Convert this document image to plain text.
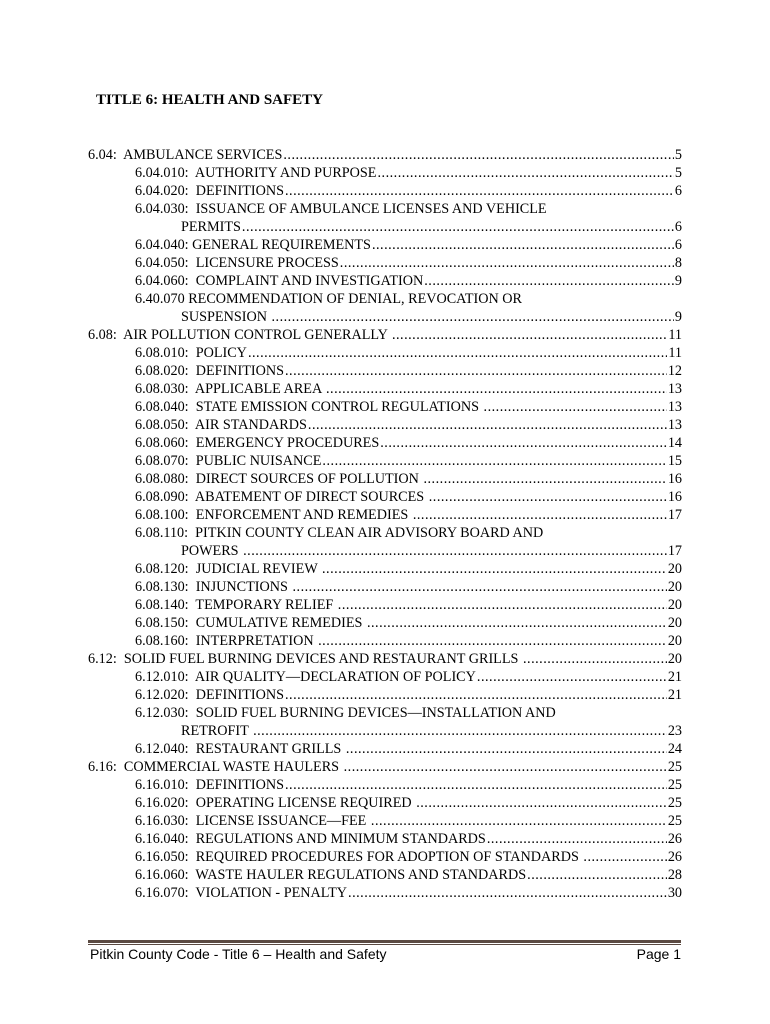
TITLE 6: HEALTH AND SAFETY
6.04:  AMBULANCE SERVICES .....	5
6.04.010:  AUTHORITY AND PURPOSE .....	5
6.04.020:  DEFINITIONS .....	6
6.04.030:  ISSUANCE OF AMBULANCE LICENSES AND VEHICLE
PERMITS .....	6
6.04.040: GENERAL REQUIREMENTS .....	6
6.04.050:  LICENSURE PROCESS .....	8
6.04.060:  COMPLAINT AND INVESTIGATION .....	9
6.40.070 RECOMMENDATION OF DENIAL, REVOCATION OR
SUSPENSION .....	9
6.08:  AIR POLLUTION CONTROL GENERALLY .....	11
6.08.010:  POLICY .....	11
6.08.020:  DEFINITIONS .....	12
6.08.030:  APPLICABLE AREA .....	13
6.08.040:  STATE EMISSION CONTROL REGULATIONS .....	13
6.08.050:  AIR STANDARDS .....	13
6.08.060:  EMERGENCY PROCEDURES .....	14
6.08.070:  PUBLIC NUISANCE .....	15
6.08.080:  DIRECT SOURCES OF POLLUTION .....	16
6.08.090:  ABATEMENT OF DIRECT SOURCES .....	16
6.08.100:  ENFORCEMENT AND REMEDIES .....	17
6.08.110:  PITKIN COUNTY CLEAN AIR ADVISORY BOARD AND
POWERS .....	17
6.08.120:  JUDICIAL REVIEW .....	20
6.08.130:  INJUNCTIONS .....	20
6.08.140:  TEMPORARY RELIEF .....	20
6.08.150:  CUMULATIVE REMEDIES .....	20
6.08.160:  INTERPRETATION .....	20
6.12:  SOLID FUEL BURNING DEVICES AND RESTAURANT GRILLS .....	20
6.12.010:  AIR QUALITY—DECLARATION OF POLICY .....	21
6.12.020:  DEFINITIONS .....	21
6.12.030:  SOLID FUEL BURNING DEVICES—INSTALLATION AND
RETROFIT .....	23
6.12.040:  RESTAURANT GRILLS .....	24
6.16:  COMMERCIAL WASTE HAULERS .....	25
6.16.010:  DEFINITIONS .....	25
6.16.020:  OPERATING LICENSE REQUIRED .....	25
6.16.030:  LICENSE ISSUANCE—FEE .....	25
6.16.040:  REGULATIONS AND MINIMUM STANDARDS .....	26
6.16.050:  REQUIRED PROCEDURES FOR ADOPTION OF STANDARDS .....	26
6.16.060:  WASTE HAULER REGULATIONS AND STANDARDS .....	28
6.16.070:  VIOLATION - PENALTY .....	30
Pitkin County Code - Title 6 – Health and Safety	Page 1
